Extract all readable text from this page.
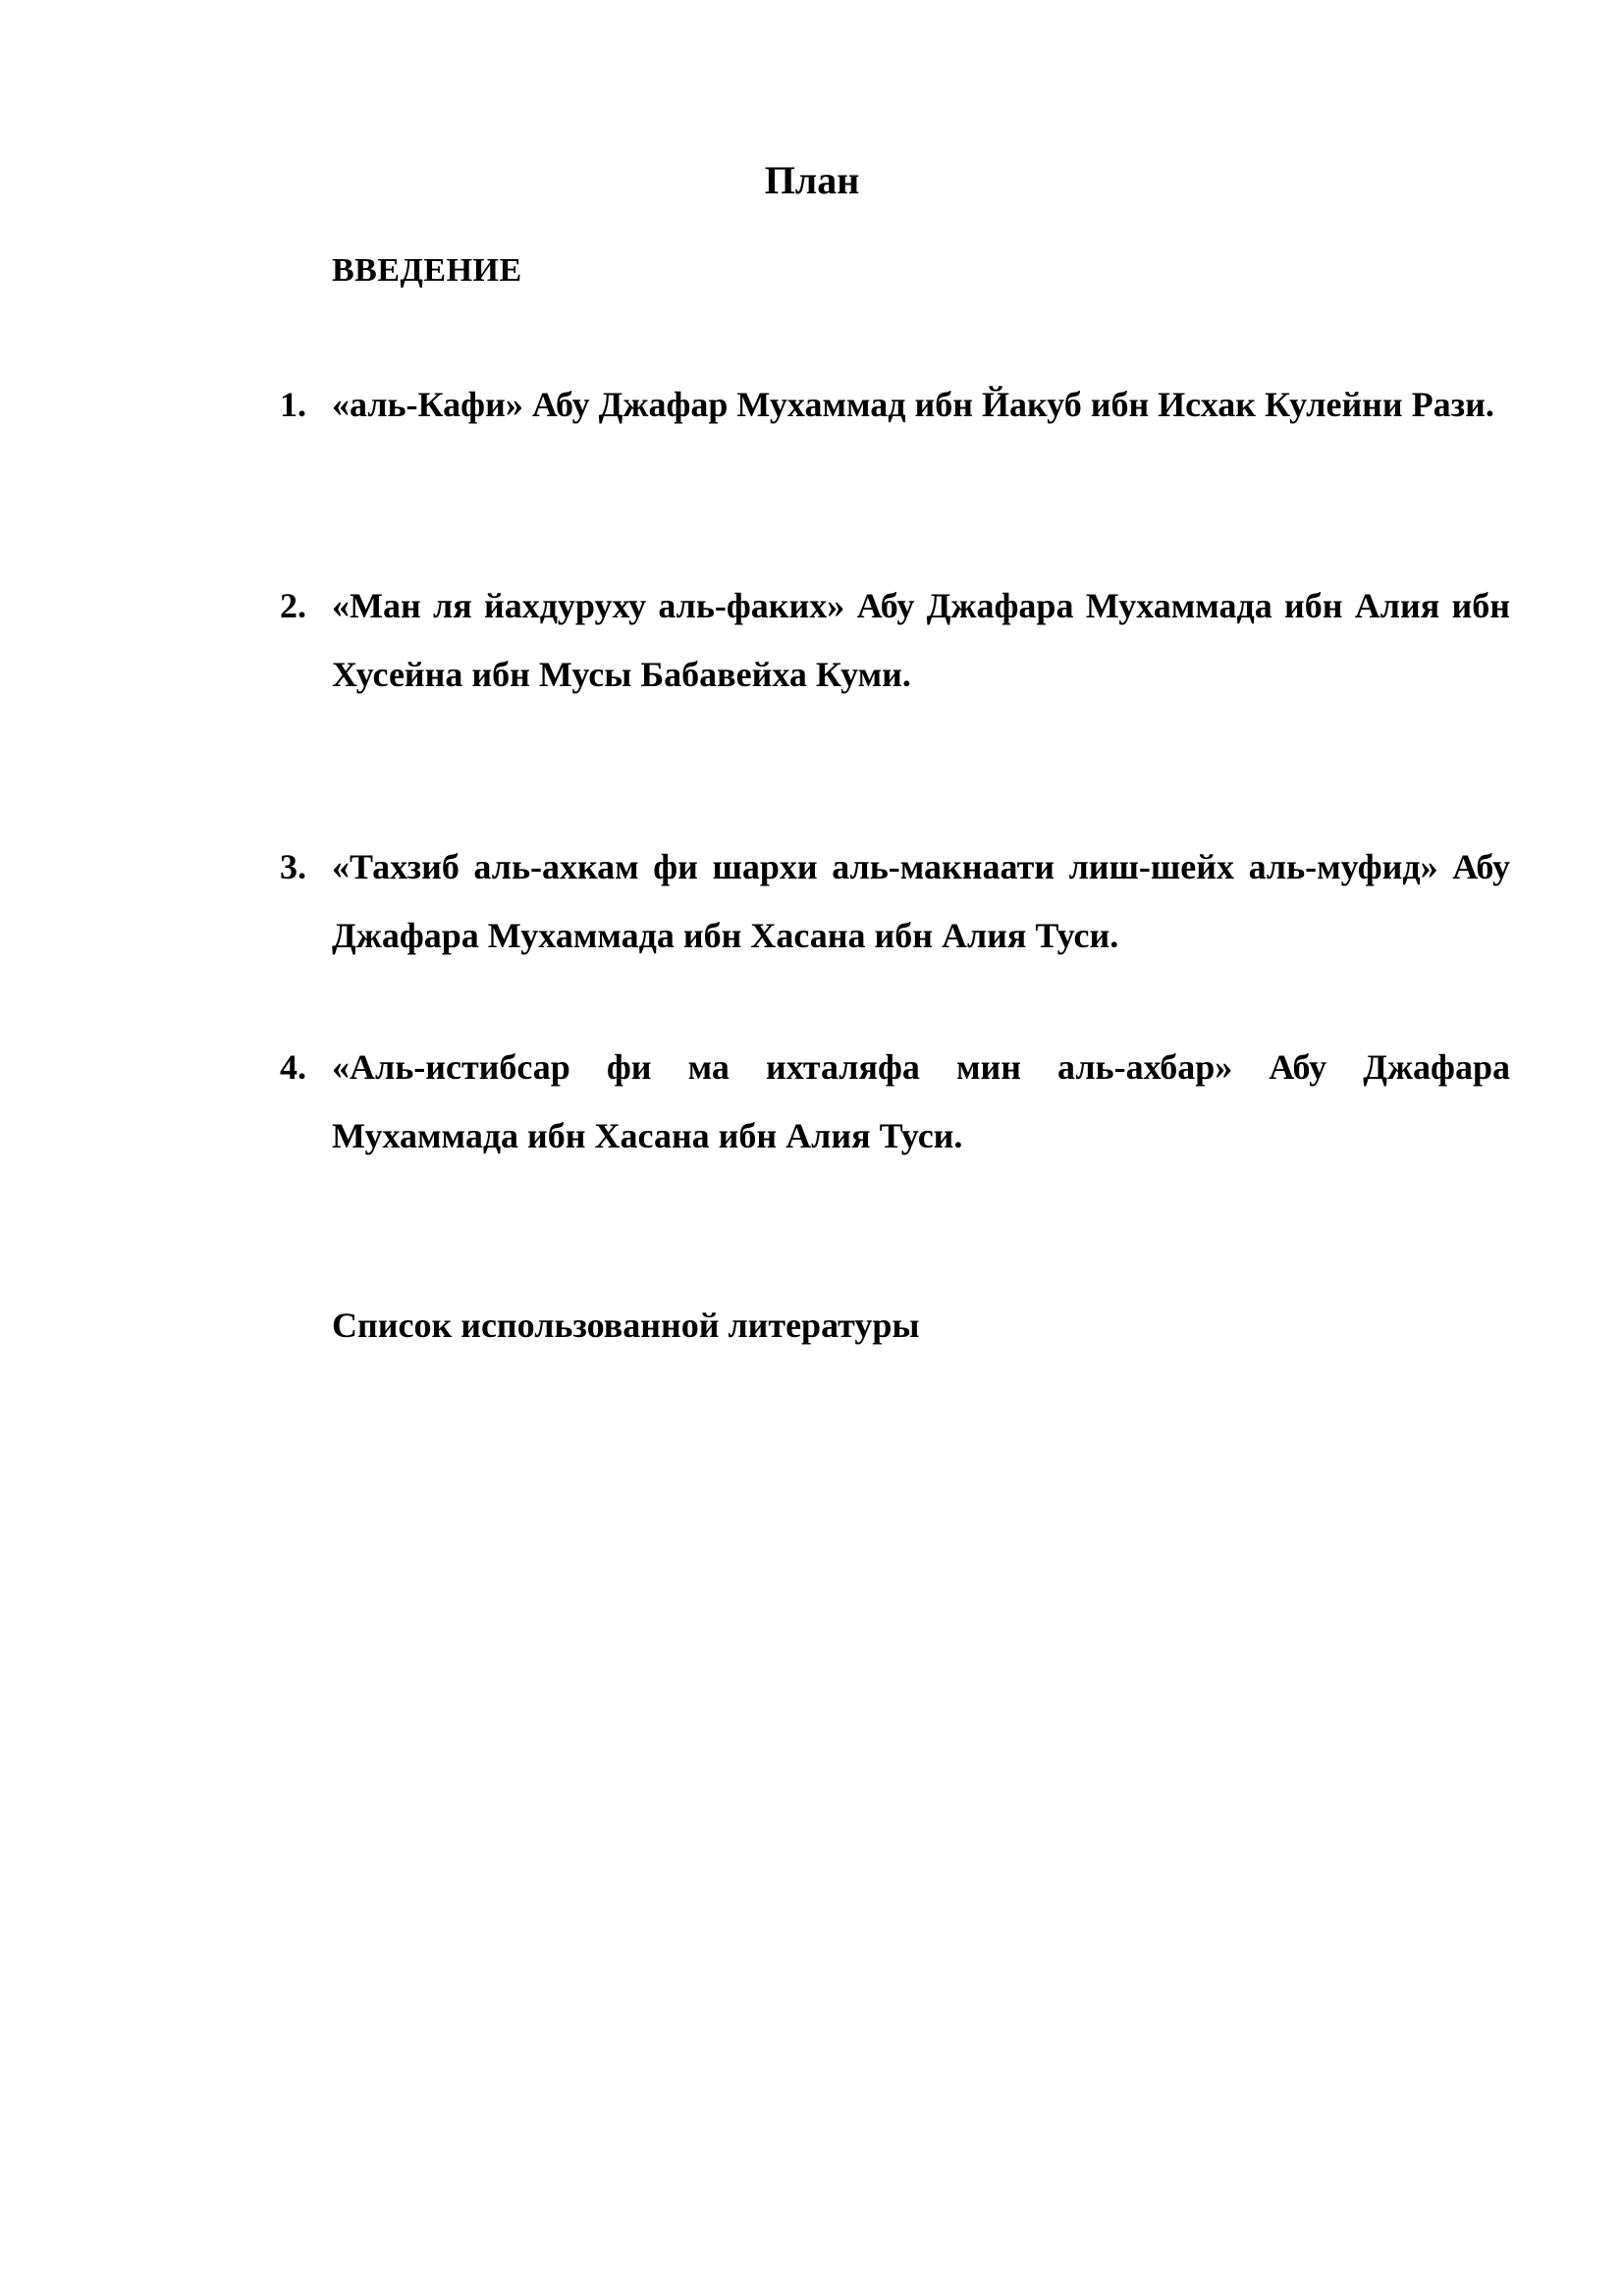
План
ВВЕДЕНИЕ
1. «аль-Кафи» Абу Джафар Мухаммад ибн Йакуб ибн Исхак Кулейни Рази.
2. «Ман ля йахдуруху аль-факих» Абу Джафара Мухаммада ибн Алия ибн Хусейна ибн Мусы Бабавейха Куми.
3. «Тахзиб аль-ахкам фи шархи аль-макнаати лиш-шейх аль-муфид» Абу Джафара Мухаммада ибн Хасана ибн Алия Туси.
4. «Аль-истибсар фи ма ихталяфа мин аль-ахбар» Абу Джафара Мухаммада ибн Хасана ибн Алия Туси.
Список использованной литературы
